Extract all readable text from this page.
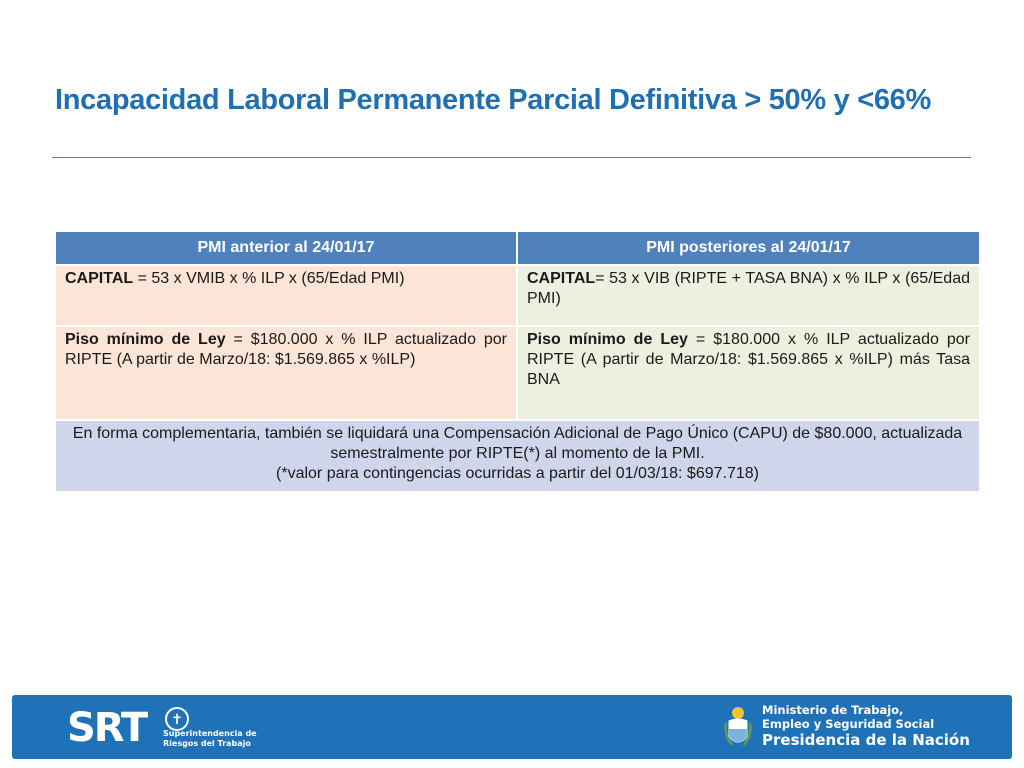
Incapacidad Laboral Permanente Parcial Definitiva > 50% y <66%
PMI anterior al 24/01/17	PMI posteriores al 24/01/17
CAPITAL = 53 x VMIB x % ILP x (65/Edad PMI)	CAPITAL= 53 x VIB (RIPTE + TASA BNA) x % ILP x (65/Edad PMI)
Piso mínimo de Ley = $180.000 x % ILP actualizado por RIPTE (A partir de Marzo/18: $1.569.865 x %ILP)	Piso mínimo de Ley = $180.000 x % ILP actualizado por RIPTE (A partir de Marzo/18: $1.569.865 x %ILP) más Tasa BNA

En forma complementaria, también se liquidará una Compensación Adicional de Pago Único (CAPU) de $80.000, actualizada semestralmente por RIPTE(*) al momento de la PMI.
(*valor para contingencias ocurridas a partir del 01/03/18: $697.718)	
SRT	✝
Superintendencia de
Riesgos del Trabajo
Ministerio de Trabajo,
Empleo y Seguridad Social
Presidencia de la Nación
